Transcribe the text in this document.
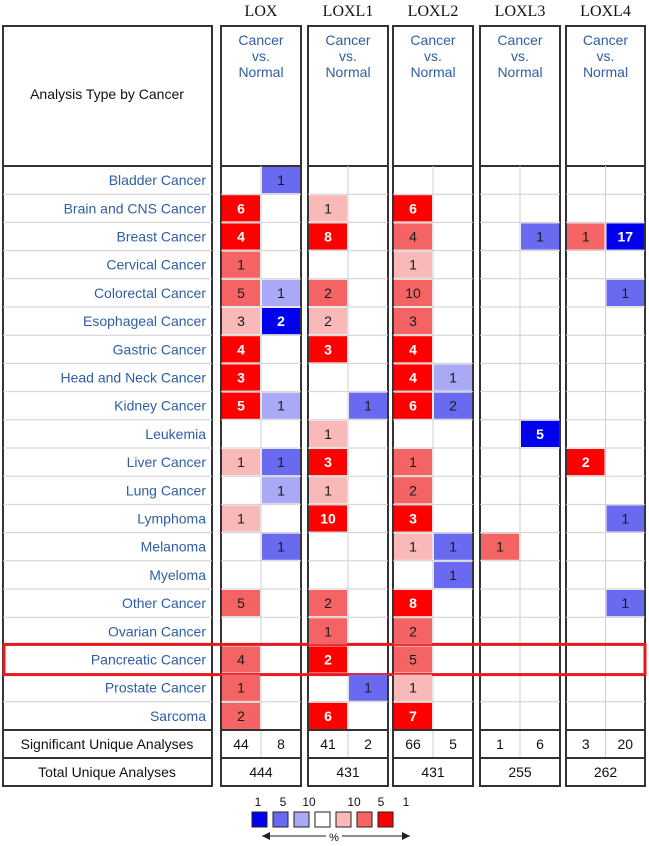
Analysis Type by Cancer
6
4
1
5
3
4
3
5
1
1
5
4
1
2
1
1
2
1
1
1
1
1
8
2
2
3
1
3
1
10
2
1
2
6
1
1
6
4
1
10
3
4
4
6
1
2
3
1
8
2
5
1
7
1
2
1
1
1
1
5
1
2
17
1
1
1
LOX	LOXL1 LOXL2 LOXL3 LOXL4
Cancer
vs.
Normal
Cancer
vs.
Normal
Cancer
vs.
Normal
Cancer
vs.
Normal
Cancer
vs.
Normal
Bladder Cancer
Brain and CNS Cancer
Breast Cancer
Cervical Cancer
Colorectal Cancer
Esophageal Cancer
Gastric Cancer
Head and Neck Cancer
Kidney Cancer
Leukemia
Liver Cancer
Lung Cancer
Lymphoma
Melanoma
Myeloma
Other Cancer
Ovarian Cancer
Pancreatic Cancer
Prostate Cancer
Sarcoma
Significant Unique Analyses
Total Unique Analyses
44 8
444
41 2
431
66 5
431
1 6
255
3 20
262
1 5 10	10 5 1
%
